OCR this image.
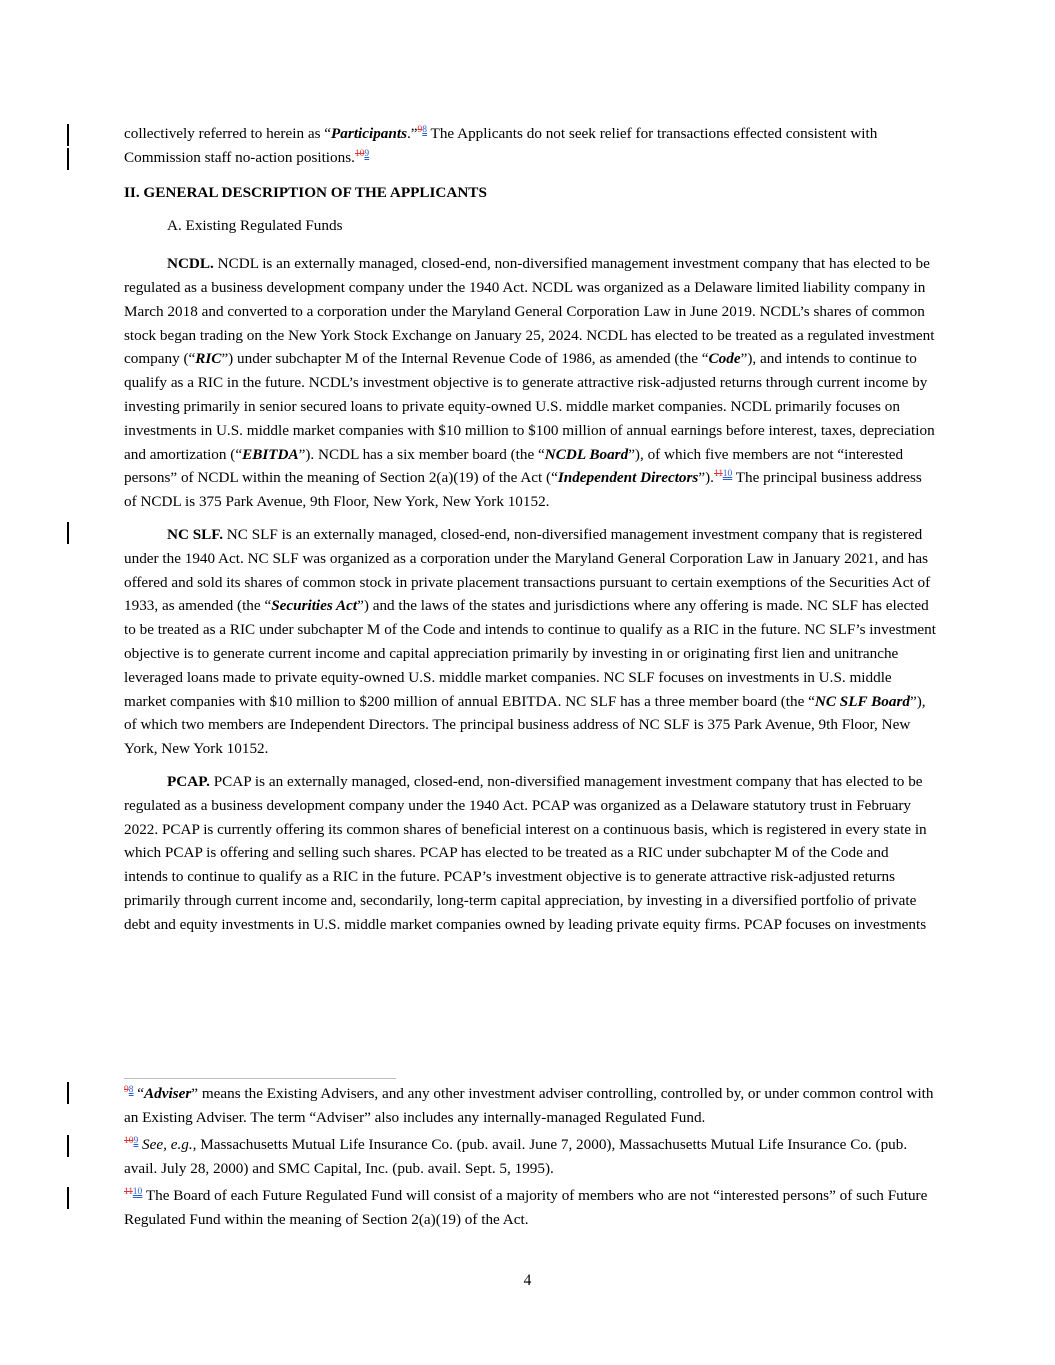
collectively referred to herein as “Participants.”$^{98}$ The Applicants do not seek relief for transactions effected consistent with Commission staff no-action positions.$^{109}$

II. GENERAL DESCRIPTION OF THE APPLICANTS

A. Existing Regulated Funds

NCDL. NCDL is an externally managed, closed-end, non-diversified management investment company that has elected to be regulated as a business development company under the 1940 Act. NCDL was organized as a Delaware limited liability company in March 2018 and converted to a corporation under the Maryland General Corporation Law in June 2019. NCDL’s shares of common stock began trading on the New York Stock Exchange on January 25, 2024. NCDL has elected to be treated as a regulated investment company (“RIC”) under subchapter M of the Internal Revenue Code of 1986, as amended (the “Code”), and intends to continue to qualify as a RIC in the future. NCDL’s investment objective is to generate attractive risk-adjusted returns through current income by investing primarily in senior secured loans to private equity-owned U.S. middle market companies. NCDL primarily focuses on investments in U.S. middle market companies with $10 million to $100 million of annual earnings before interest, taxes, depreciation and amortization (“EBITDA”). NCDL has a six member board (the “NCDL Board”), of which five members are not “interested persons” of NCDL within the meaning of Section 2(a)(19) of the Act (“Independent Directors”).$^{1110}$ The principal business address of NCDL is 375 Park Avenue, 9th Floor, New York, New York 10152.

NC SLF. NC SLF is an externally managed, closed-end, non-diversified management investment company that is registered under the 1940 Act. NC SLF was organized as a corporation under the Maryland General Corporation Law in January 2021, and has offered and sold its shares of common stock in private placement transactions pursuant to certain exemptions of the Securities Act of 1933, as amended (the “Securities Act”) and the laws of the states and jurisdictions where any offering is made. NC SLF has elected to be treated as a RIC under subchapter M of the Code and intends to continue to qualify as a RIC in the future. NC SLF’s investment objective is to generate current income and capital appreciation primarily by investing in or originating first lien and unitranche leveraged loans made to private equity-owned U.S. middle market companies. NC SLF focuses on investments in U.S. middle market companies with $10 million to $200 million of annual EBITDA. NC SLF has a three member board (the “NC SLF Board”), of which two members are Independent Directors. The principal business address of NC SLF is 375 Park Avenue, 9th Floor, New York, New York 10152.

PCAP. PCAP is an externally managed, closed-end, non-diversified management investment company that has elected to be regulated as a business development company under the 1940 Act. PCAP was organized as a Delaware statutory trust in February 2022. PCAP is currently offering its common shares of beneficial interest on a continuous basis, which is registered in every state in which PCAP is offering and selling such shares. PCAP has elected to be treated as a RIC under subchapter M of the Code and intends to continue to qualify as a RIC in the future. PCAP’s investment objective is to generate attractive risk-adjusted returns primarily through current income and, secondarily, long-term capital appreciation, by investing in a diversified portfolio of private debt and equity investments in U.S. middle market companies owned by leading private equity firms. PCAP focuses on investments

$^{98}$ “Adviser” means the Existing Advisers, and any other investment adviser controlling, controlled by, or under common control with an Existing Adviser. The term “Adviser” also includes any internally-managed Regulated Fund.

$^{109}$ See, e.g., Massachusetts Mutual Life Insurance Co. (pub. avail. June 7, 2000), Massachusetts Mutual Life Insurance Co. (pub. avail. July 28, 2000) and SMC Capital, Inc. (pub. avail. Sept. 5, 1995).

$^{1110}$ The Board of each Future Regulated Fund will consist of a majority of members who are not “interested persons” of such Future Regulated Fund within the meaning of Section 2(a)(19) of the Act.

4
